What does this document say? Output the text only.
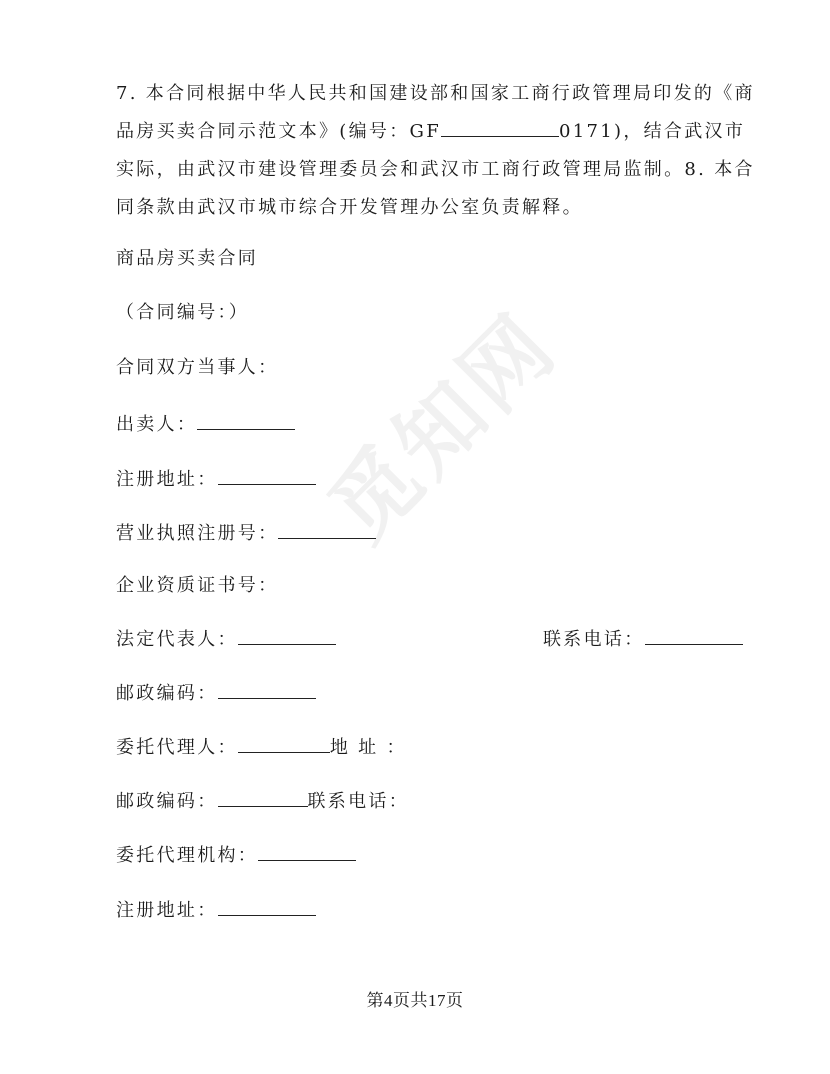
觅知网

7. 本合同根据中华人民共和国建设部和国家工商行政管理局印发的《商品房买卖合同示范文本》(编号：GF	0171)，结合武汉市实际，由武汉市建设管理委员会和武汉市工商行政管理局监制。8. 本合同条款由武汉市城市综合开发管理办公室负责解释。

商品房买卖合同
（合同编号：）
合同双方当事人：
出卖人：
注册地址：
营业执照注册号：
企业资质证书号：
法定代表人：	联系电话：
邮政编码：
委托代理人：	地 址 ：
邮政编码：	联系电话：
委托代理机构：
注册地址：
第4页共17页
